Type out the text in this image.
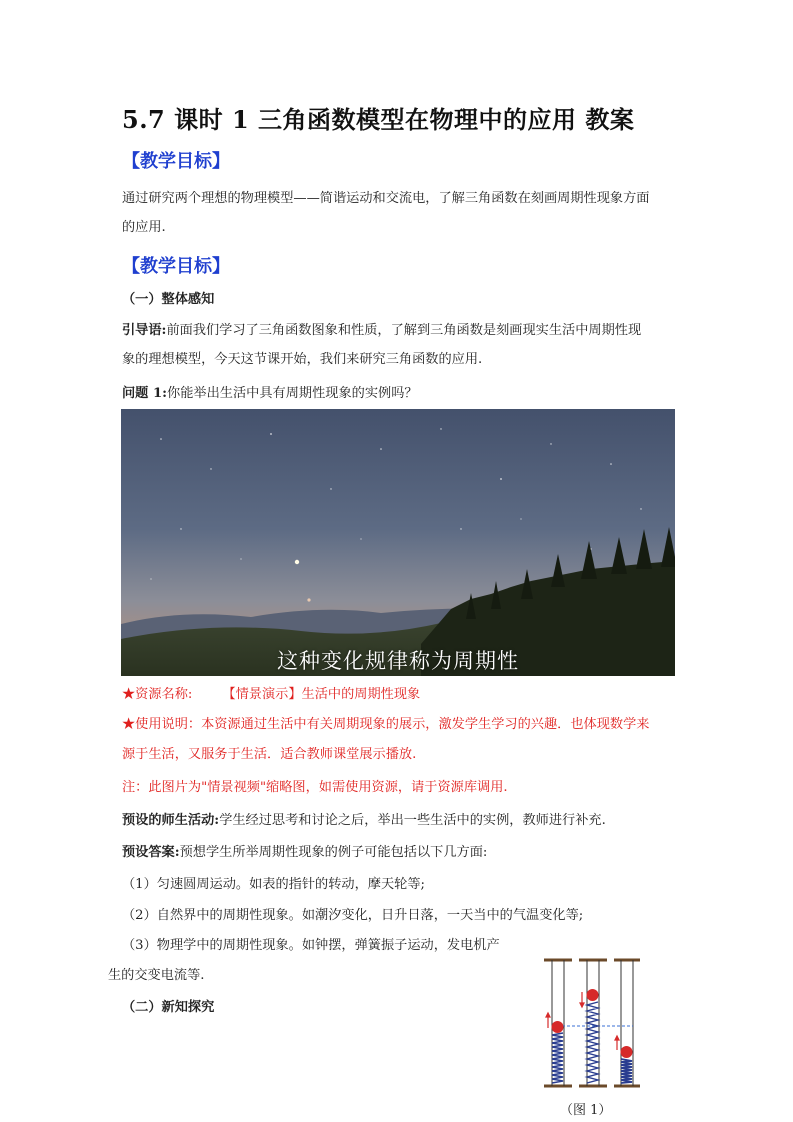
5.7 课时 1 三角函数模型在物理中的应用 教案
【教学目标】
通过研究两个理想的物理模型——简谐运动和交流电，了解三角函数在刻画周期性现象方面
的应用.
【教学目标】
（一）整体感知
引导语:前面我们学习了三角函数图象和性质，了解到三角函数是刻画现实生活中周期性现
象的理想模型，今天这节课开始，我们来研究三角函数的应用.
问题 1:你能举出生活中具有周期性现象的实例吗？
这种变化规律称为周期性
★资源名称: 【情景演示】生活中的周期性现象
★使用说明：本资源通过生活中有关周期现象的展示，激发学生学习的兴趣．也体现数学来
源于生活，又服务于生活．适合教师课堂展示播放.
注：此图片为"情景视频"缩略图，如需使用资源，请于资源库调用.
预设的师生活动:学生经过思考和讨论之后，举出一些生活中的实例，教师进行补充.
预设答案:预想学生所举周期性现象的例子可能包括以下几方面:
（1）匀速圆周运动。如表的指针的转动，摩天轮等;
（2）自然界中的周期性现象。如潮汐变化，日升日落，一天当中的气温变化等;
（3）物理学中的周期性现象。如钟摆，弹簧振子运动，发电机产
生的交变电流等.
（二）新知探究
（图 1）
